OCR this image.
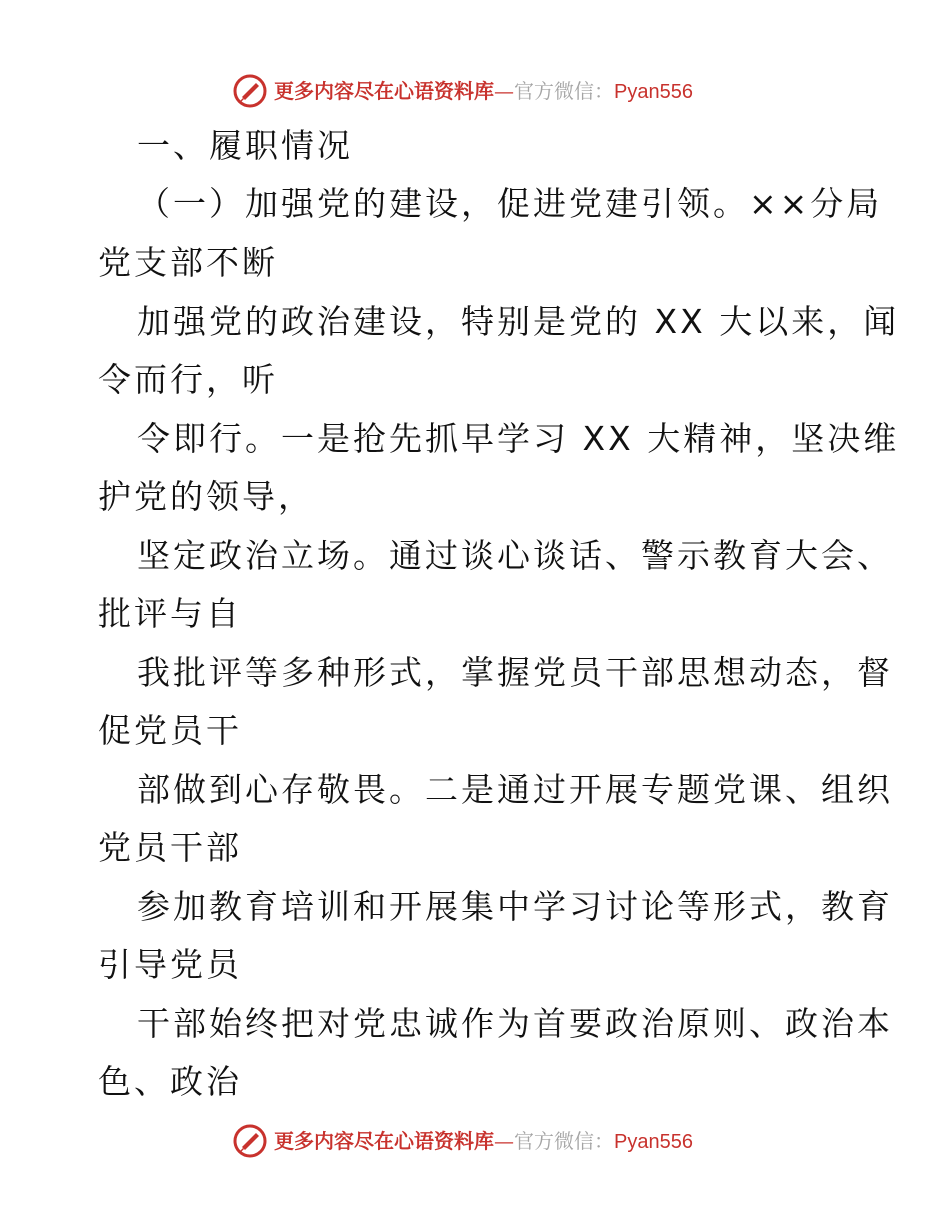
更多内容尽在心语资料库—官方微信：Pyan556
一、履职情况
（一）加强党的建设，促进党建引领。××分局
党支部不断
加强党的政治建设，特别是党的 XX 大以来，闻
令而行，听
令即行。一是抢先抓早学习 XX 大精神，坚决维
护党的领导，
坚定政治立场。通过谈心谈话、警示教育大会、
批评与自
我批评等多种形式，掌握党员干部思想动态，督
促党员干
部做到心存敬畏。二是通过开展专题党课、组织
党员干部
参加教育培训和开展集中学习讨论等形式，教育
引导党员
干部始终把对党忠诚作为首要政治原则、政治本
色、政治
更多内容尽在心语资料库—官方微信：Pyan556
